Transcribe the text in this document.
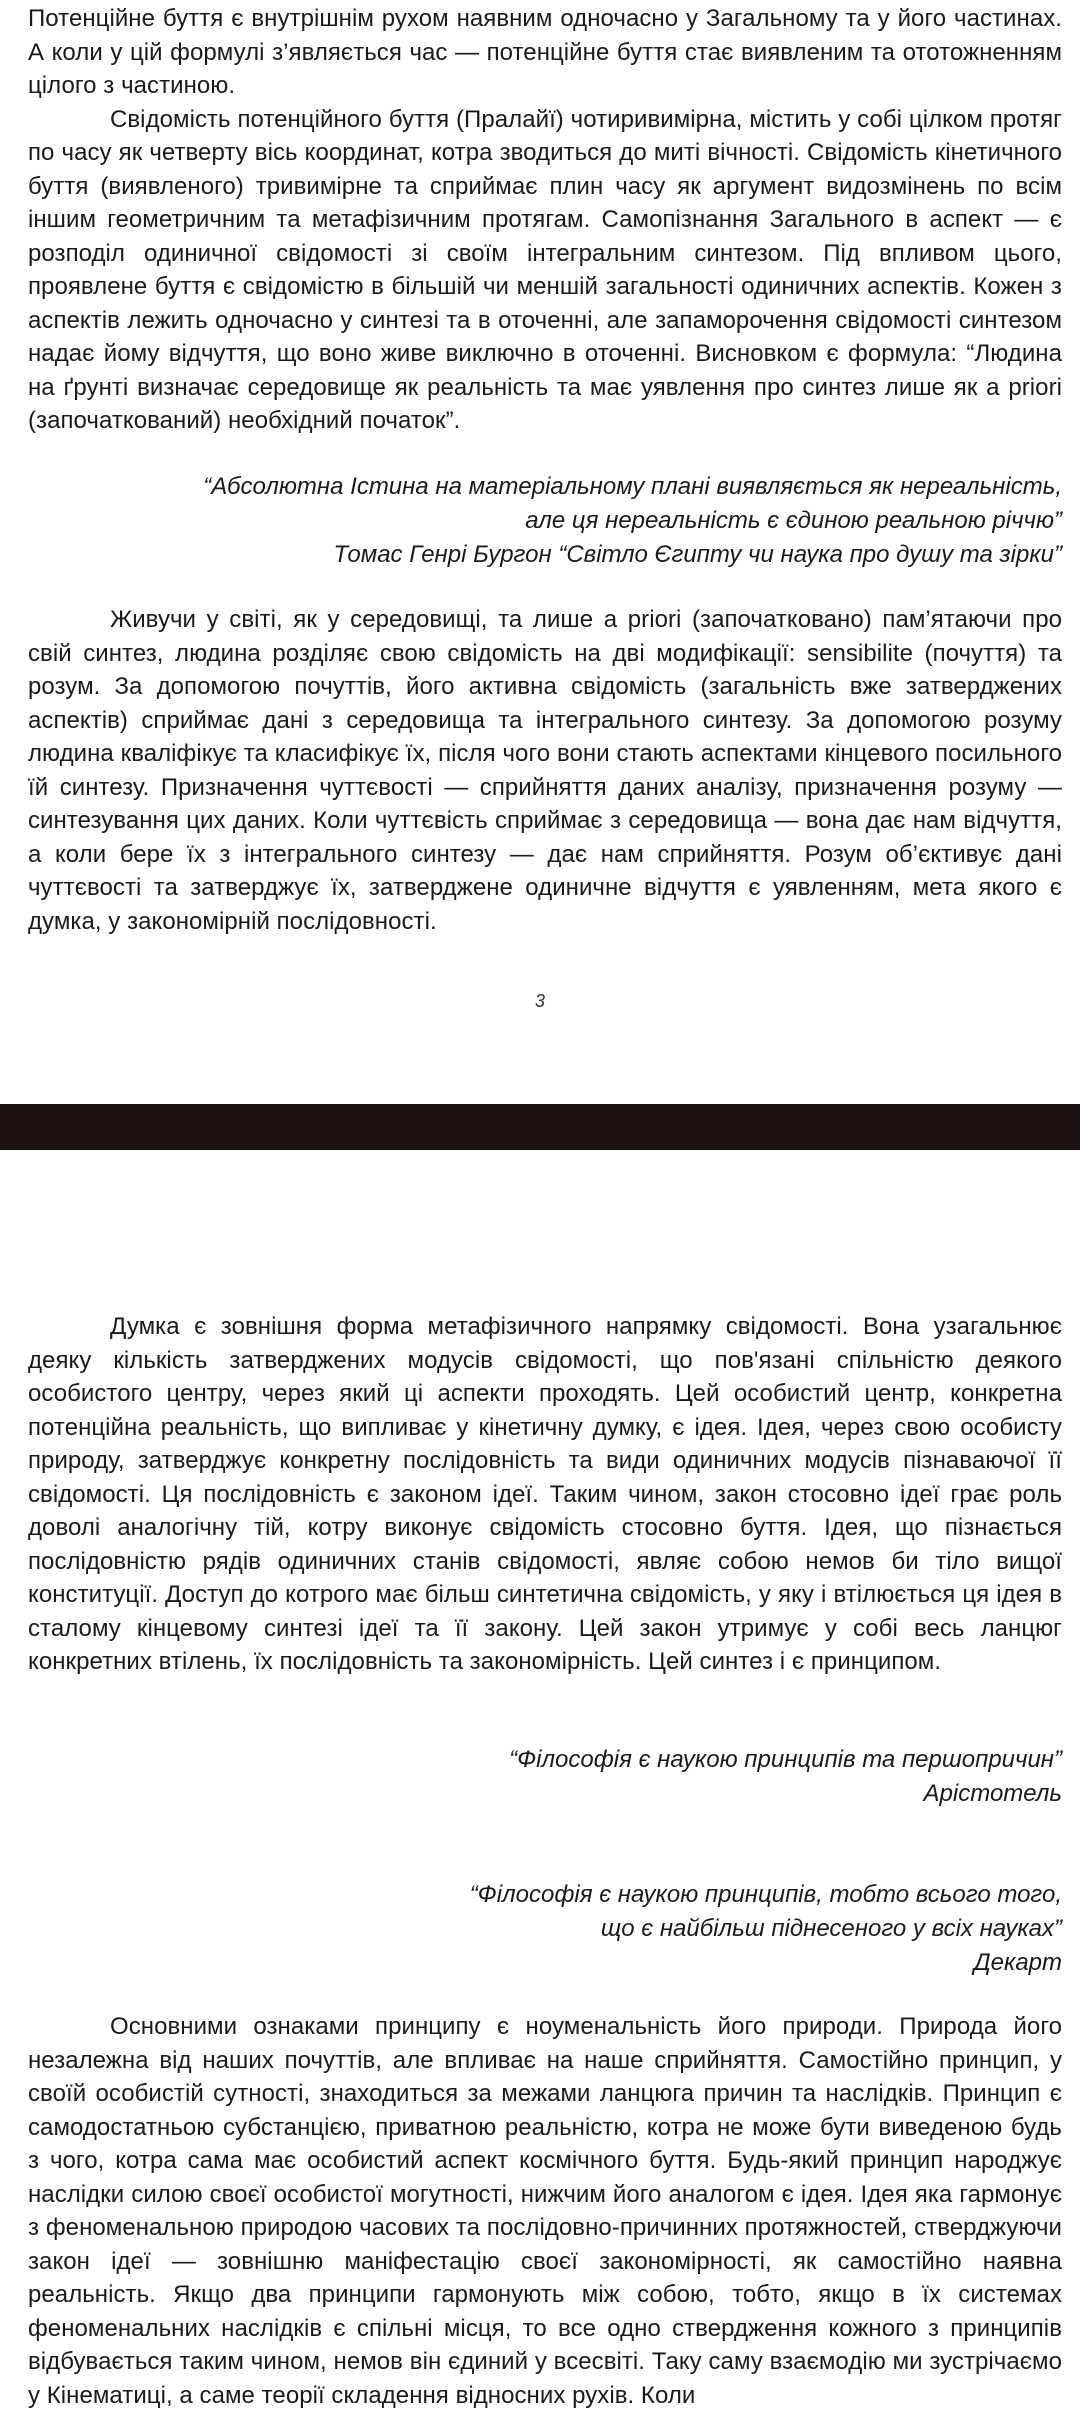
Потенційне буття є внутрішнім рухом наявним одночасно у Загальному та у його частинах. А коли у цій формулі з’являється час — потенційне буття стає виявленим та ототожненням цілого з частиною.

Свідомість потенційного буття (Пралайї) чотиривимірна, містить у собі цілком протяг по часу як четверту вісь координат, котра зводиться до миті вічності. Свідомість кінетичного буття (виявленого) тривимірне та сприймає плин часу як аргумент видозмінень по всім іншим геометричним та метафізичним протягам. Самопізнання Загального в аспект — є розподіл одиничної свідомості зі своїм інтегральним синтезом. Під впливом цього, проявлене буття є свідомістю в більшій чи меншій загальності одиничних аспектів. Кожен з аспектів лежить одночасно у синтезі та в оточенні, але запаморочення свідомості синтезом надає йому відчуття, що воно живе виключно в оточенні. Висновком є формула: “Людина на ґрунті визначає середовище як реальність та має уявлення про синтез лише як a priori (започаткований) необхідний початок”.

“Абсолютна Істина на матеріальному плані виявляється як нереальність,
але ця нереальність є єдиною реальною річчю”
Томас Генрі Бургон “Світло Єгипту чи наука про душу та зірки”

Живучи у світі, як у середовищі, та лише a priori (започатковано) пам’ятаючи про свій синтез, людина розділяє свою свідомість на дві модифікації: sensibilite (почуття) та розум. За допомогою почуттів, його активна свідомість (загальність вже затверджених аспектів) сприймає дані з середовища та інтегрального синтезу. За допомогою розуму людина кваліфікує та класифікує їх, після чого вони стають аспектами кінцевого посильного їй синтезу. Призначення чуттєвості — сприйняття даних аналізу, призначення розуму — синтезування цих даних. Коли чуттєвість сприймає з середовища — вона дає нам відчуття, а коли бере їх з інтегрального синтезу — дає нам сприйняття. Розум об’єктивує дані чуттєвості та затверджує їх, затверджене одиничне відчуття є уявленням, мета якого є думка, у закономірній послідовності.

3

Думка є зовнішня форма метафізичного напрямку свідомості. Вона узагальнює деяку кількість затверджених модусів свідомості, що пов'язані спільністю деякого особистого центру, через який ці аспекти проходять. Цей особистий центр, конкретна потенційна реальність, що випливає у кінетичну думку, є ідея. Ідея, через свою особисту природу, затверджує конкретну послідовність та види одиничних модусів пізнаваючої її свідомості. Ця послідовність є законом ідеї. Таким чином, закон стосовно ідеї грає роль доволі аналогічну тій, котру виконує свідомість стосовно буття. Ідея, що пізнається послідовністю рядів одиничних станів свідомості, являє собою немов би тіло вищої конституції. Доступ до котрого має більш синтетична свідомість, у яку і втілюється ця ідея в сталому кінцевому синтезі ідеї та її закону. Цей закон утримує у собі весь ланцюг конкретних втілень, їх послідовність та закономірність. Цей синтез і є принципом.

“Філософія є наукою принципів та першопричин”
Арістотель
“Філософія є наукою принципів, тобто всього того,
що є найбільш піднесеного у всіх науках”
Декарт

Основними ознаками принципу є ноуменальність його природи. Природа його незалежна від наших почуттів, але впливає на наше сприйняття. Самостійно принцип, у своїй особистій сутності, знаходиться за межами ланцюга причин та наслідків. Принцип є самодостатньою субстанцією, приватною реальністю, котра не може бути виведеною будь з чого, котра сама має особистий аспект космічного буття. Будь-який принцип народжує наслідки силою своєї особистої могутності, нижчим його аналогом є ідея. Ідея яка гармонує з феноменальною природою часових та послідовно-причинних протяжностей, стверджуючи закон ідеї — зовнішню маніфестацію своєї закономірності, як самостійно наявна реальність. Якщо два принципи гармонують між собою, тобто, якщо в їх системах феноменальних наслідків є спільні місця, то все одно ствердження кожного з принципів відбувається таким чином, немов він єдиний у всесвіті. Таку саму взаємодію ми зустрічаємо у Кінематиці, а саме теорії складення відносних рухів. Коли
